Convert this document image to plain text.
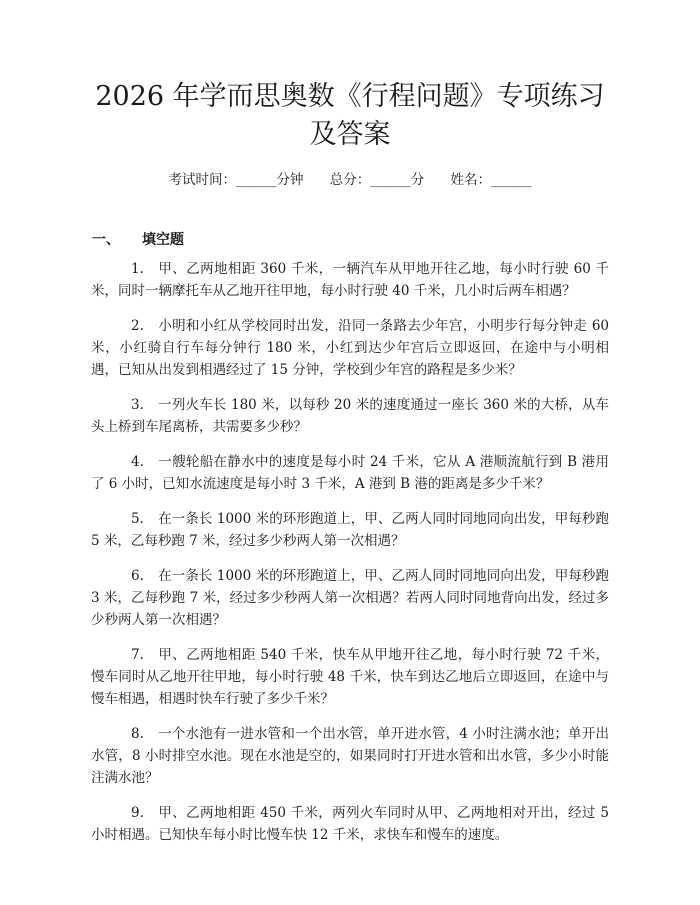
2026 年学而思奥数《行程问题》专项练习及答案
考试时间：______分钟 总分：______分 姓名：______
一、 填空题

1. 甲、乙两地相距 360 千米，一辆汽车从甲地开往乙地，每小时行驶 60 千米，同时一辆摩托车从乙地开往甲地，每小时行驶 40 千米，几小时后两车相遇？

2. 小明和小红从学校同时出发，沿同一条路去少年宫，小明步行每分钟走 60 米，小红骑自行车每分钟行 180 米，小红到达少年宫后立即返回，在途中与小明相遇，已知从出发到相遇经过了 15 分钟，学校到少年宫的路程是多少米？

3. 一列火车长 180 米，以每秒 20 米的速度通过一座长 360 米的大桥，从车头上桥到车尾离桥，共需要多少秒？

4. 一艘轮船在静水中的速度是每小时 24 千米，它从 A 港顺流航行到 B 港用了 6 小时，已知水流速度是每小时 3 千米，A 港到 B 港的距离是多少千米？

5. 在一条长 1000 米的环形跑道上，甲、乙两人同时同地同向出发，甲每秒跑 5 米，乙每秒跑 7 米，经过多少秒两人第一次相遇？

6. 在一条长 1000 米的环形跑道上，甲、乙两人同时同地同向出发，甲每秒跑 3 米，乙每秒跑 7 米，经过多少秒两人第一次相遇？若两人同时同地背向出发，经过多少秒两人第一次相遇？

7. 甲、乙两地相距 540 千米，快车从甲地开往乙地，每小时行驶 72 千米，慢车同时从乙地开往甲地，每小时行驶 48 千米，快车到达乙地后立即返回，在途中与慢车相遇，相遇时快车行驶了多少千米？

8. 一个水池有一进水管和一个出水管，单开进水管，4 小时注满水池；单开出水管，8 小时排空水池。现在水池是空的，如果同时打开进水管和出水管，多少小时能注满水池？

9. 甲、乙两地相距 450 千米，两列火车同时从甲、乙两地相对开出，经过 5 小时相遇。已知快车每小时比慢车快 12 千米，求快车和慢车的速度。
